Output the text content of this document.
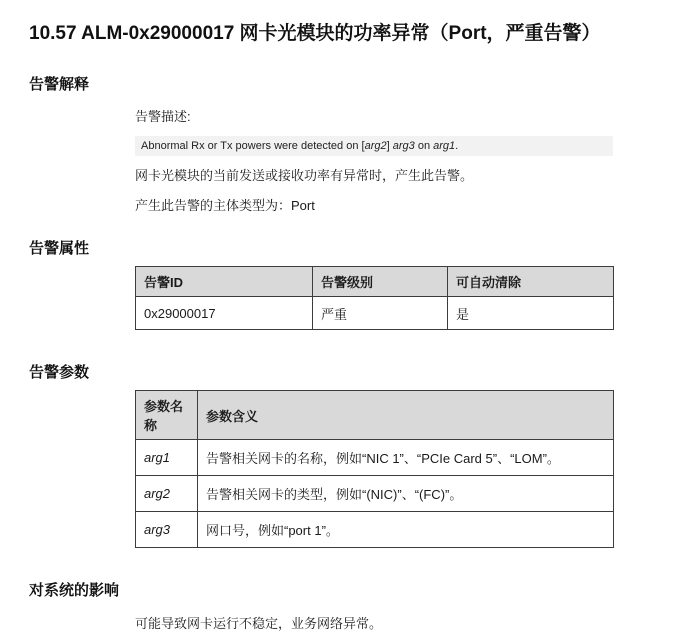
10.57 ALM-0x29000017 网卡光模块的功率异常（Port，严重告警）
告警解释
告警描述:
Abnormal Rx or Tx powers were detected on [arg2] arg3 on arg1.

网卡光模块的当前发送或接收功率有异常时，产生此告警。

产生此告警的主体类型为：Port

告警属性
告警ID	告警级别	可自动清除
0x29000017	严重	是
告警参数
参数名称	参数含义
arg1	告警相关网卡的名称，例如“NIC 1”、“PCIe Card 5”、“LOM”。
arg2	告警相关网卡的类型，例如“(NIC)”、“(FC)”。
arg3	网口号，例如“port 1”。
对系统的影响

可能导致网卡运行不稳定，业务网络异常。
